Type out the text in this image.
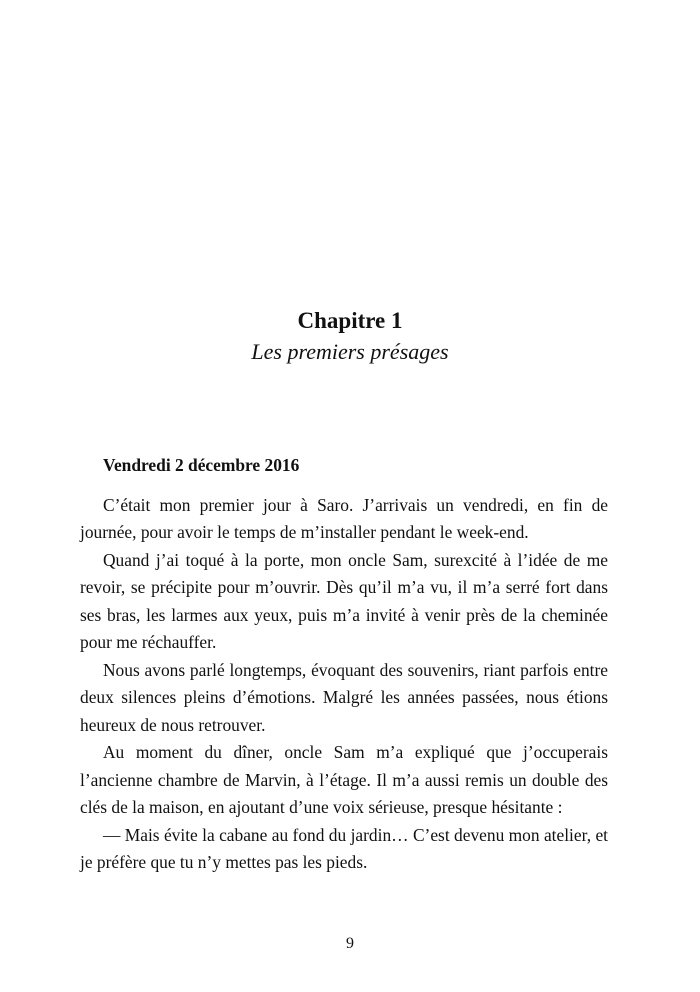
Chapitre 1

Les premiers présages

Vendredi 2 décembre 2016

C’était mon premier jour à Saro. J’arrivais un vendredi, en fin de journée, pour avoir le temps de m’installer pendant le week-end.

Quand j’ai toqué à la porte, mon oncle Sam, surexcité à l’idée de me revoir, se précipite pour m’ouvrir. Dès qu’il m’a vu, il m’a serré fort dans ses bras, les larmes aux yeux, puis m’a invité à venir près de la cheminée pour me réchauffer.

Nous avons parlé longtemps, évoquant des souvenirs, riant parfois entre deux silences pleins d’émotions. Malgré les années passées, nous étions heureux de nous retrouver.

Au moment du dîner, oncle Sam m’a expliqué que j’occuperais l’ancienne chambre de Marvin, à l’étage. Il m’a aussi remis un double des clés de la maison, en ajoutant d’une voix sérieuse, presque hésitante :

— Mais évite la cabane au fond du jardin… C’est devenu mon atelier, et je préfère que tu n’y mettes pas les pieds.

9
